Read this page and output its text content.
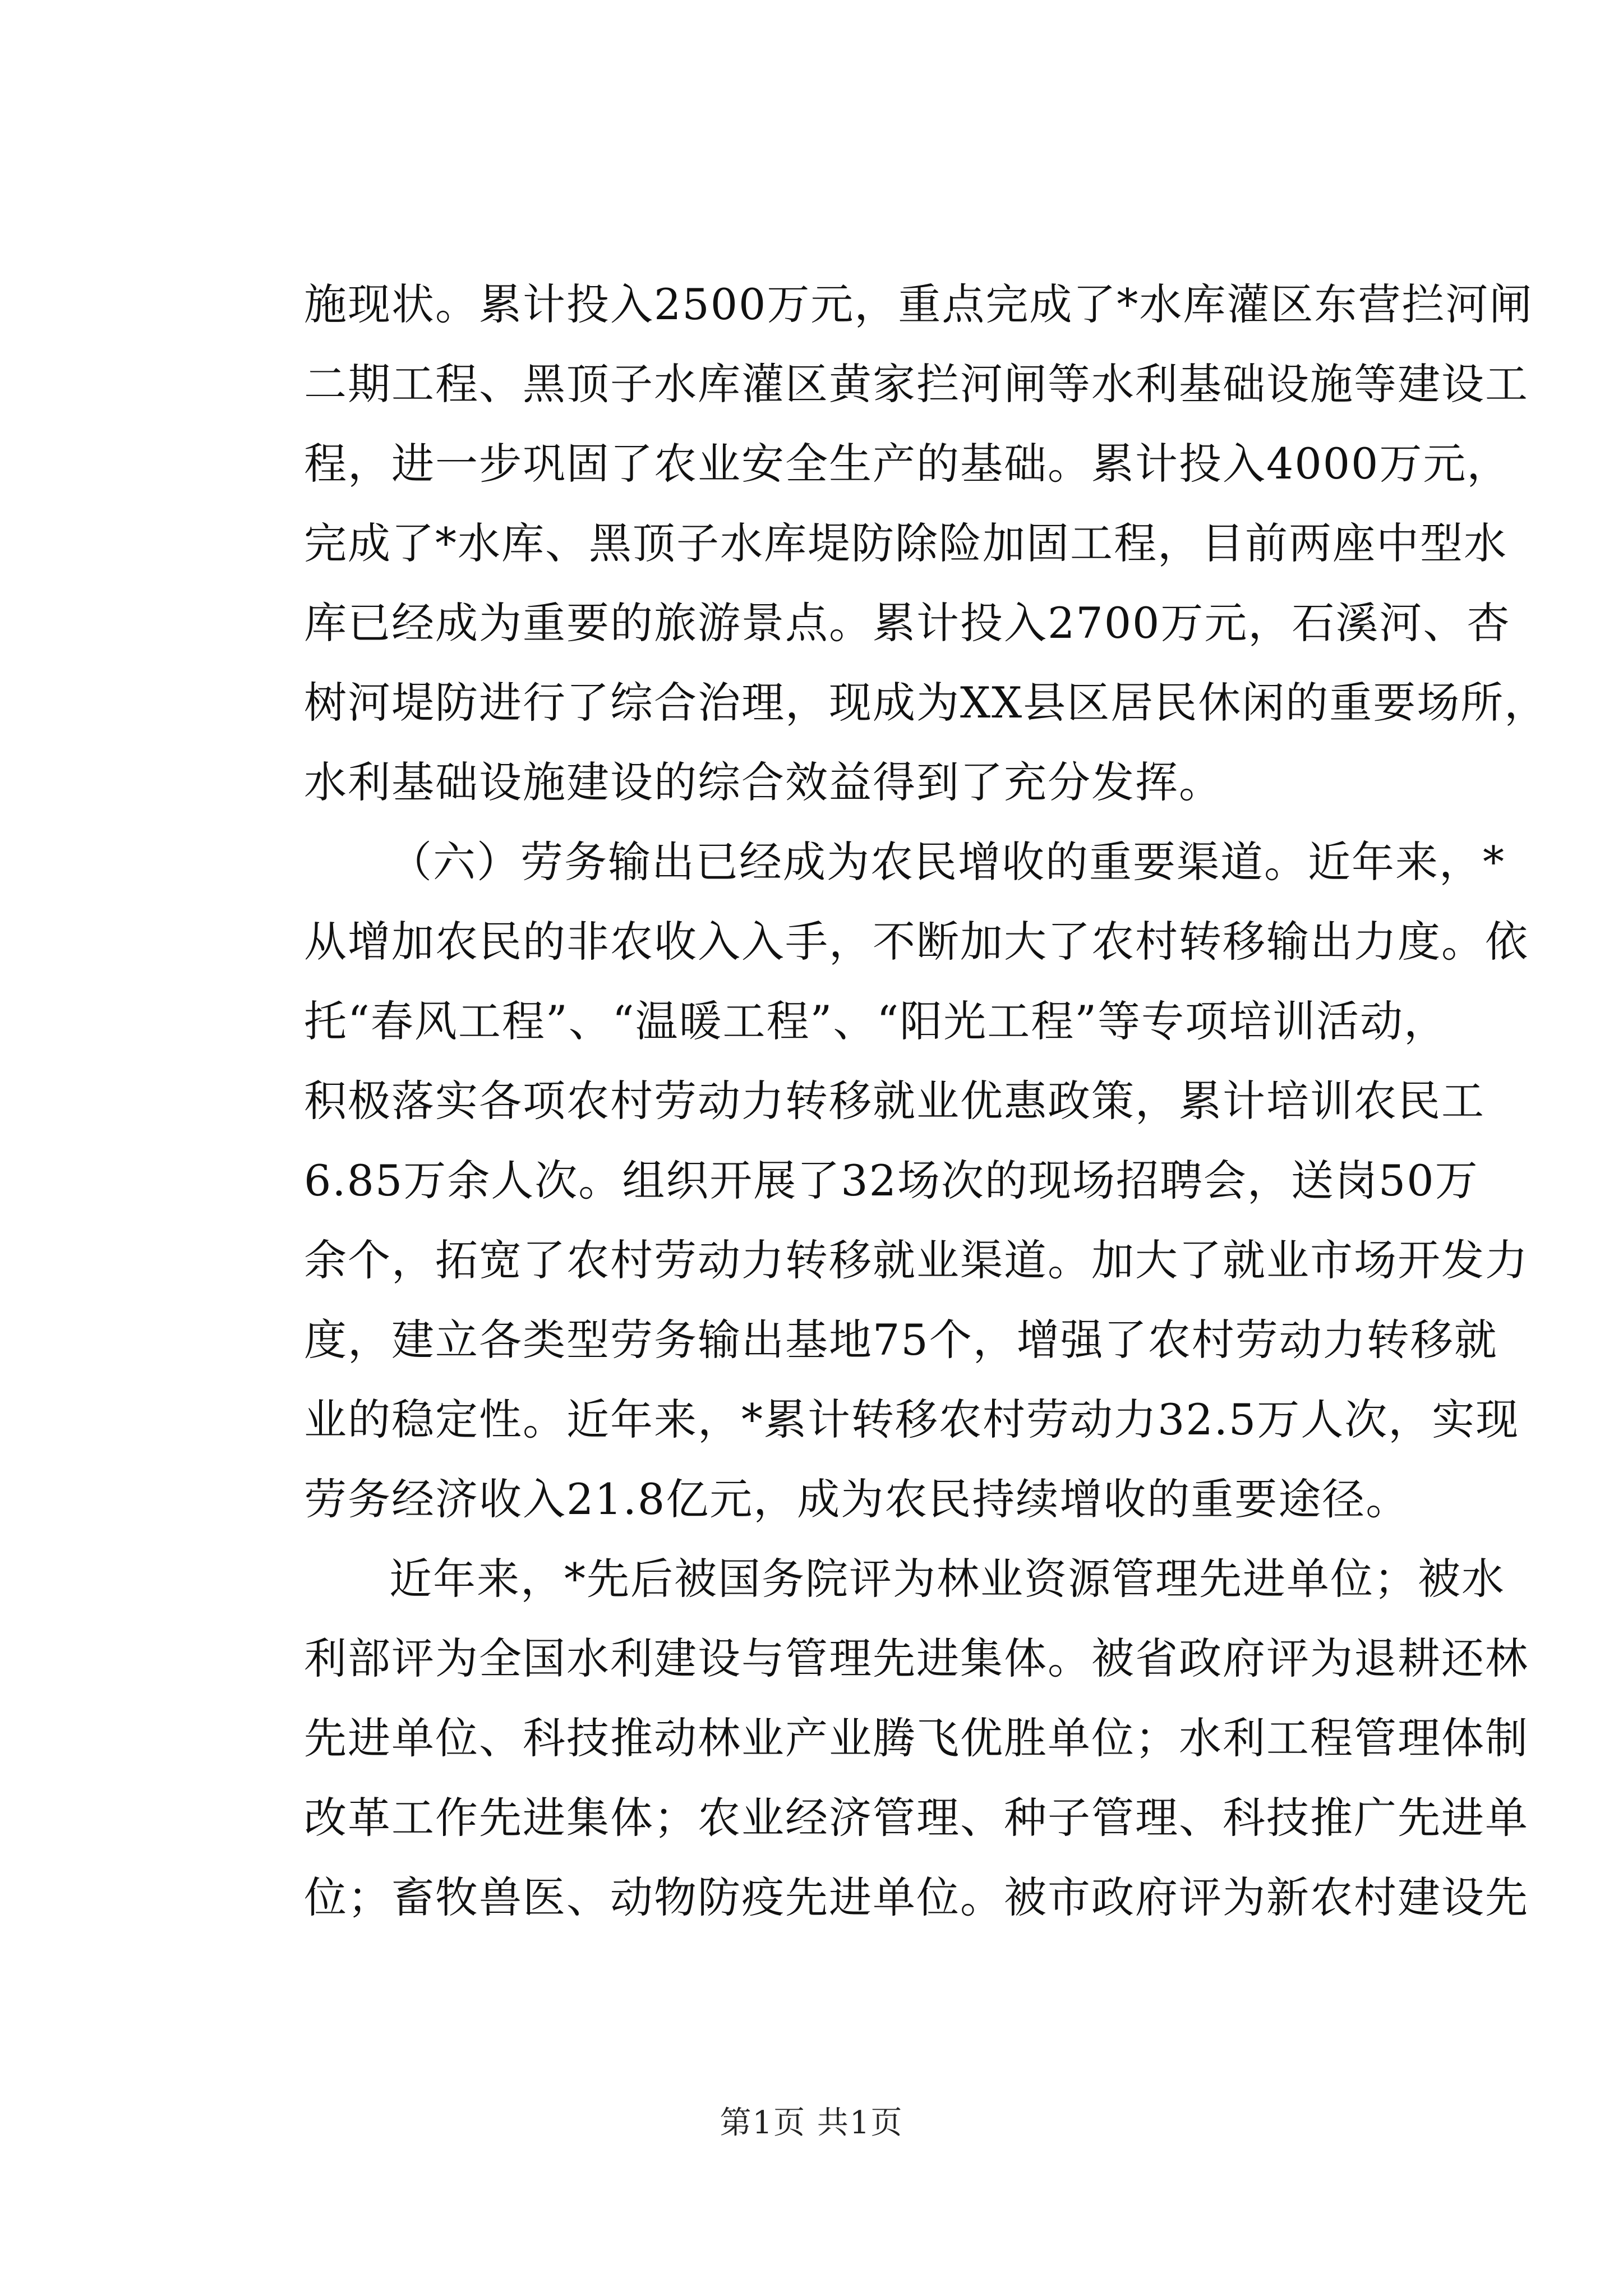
施现状。累计投入2500万元，重点完成了*水库灌区东营拦河闸
二期工程、黑顶子水库灌区黄家拦河闸等水利基础设施等建设工
程，进一步巩固了农业安全生产的基础。累计投入4000万元，
完成了*水库、黑顶子水库堤防除险加固工程，目前两座中型水
库已经成为重要的旅游景点。累计投入2700万元，石溪河、杏
树河堤防进行了综合治理，现成为XX县区居民休闲的重要场所，
水利基础设施建设的综合效益得到了充分发挥。
（六）劳务输出已经成为农民增收的重要渠道。近年来，*
从增加农民的非农收入入手，不断加大了农村转移输出力度。依
托“春风工程”、“温暖工程”、“阳光工程”等专项培训活动，
积极落实各项农村劳动力转移就业优惠政策，累计培训农民工
6.85万余人次。组织开展了32场次的现场招聘会，送岗50万
余个，拓宽了农村劳动力转移就业渠道。加大了就业市场开发力
度，建立各类型劳务输出基地75个，增强了农村劳动力转移就
业的稳定性。近年来，*累计转移农村劳动力32.5万人次，实现
劳务经济收入21.8亿元，成为农民持续增收的重要途径。
近年来，*先后被国务院评为林业资源管理先进单位；被水
利部评为全国水利建设与管理先进集体。被省政府评为退耕还林
先进单位、科技推动林业产业腾飞优胜单位；水利工程管理体制
改革工作先进集体；农业经济管理、种子管理、科技推广先进单
位；畜牧兽医、动物防疫先进单位。被市政府评为新农村建设先
第1页 共1页
